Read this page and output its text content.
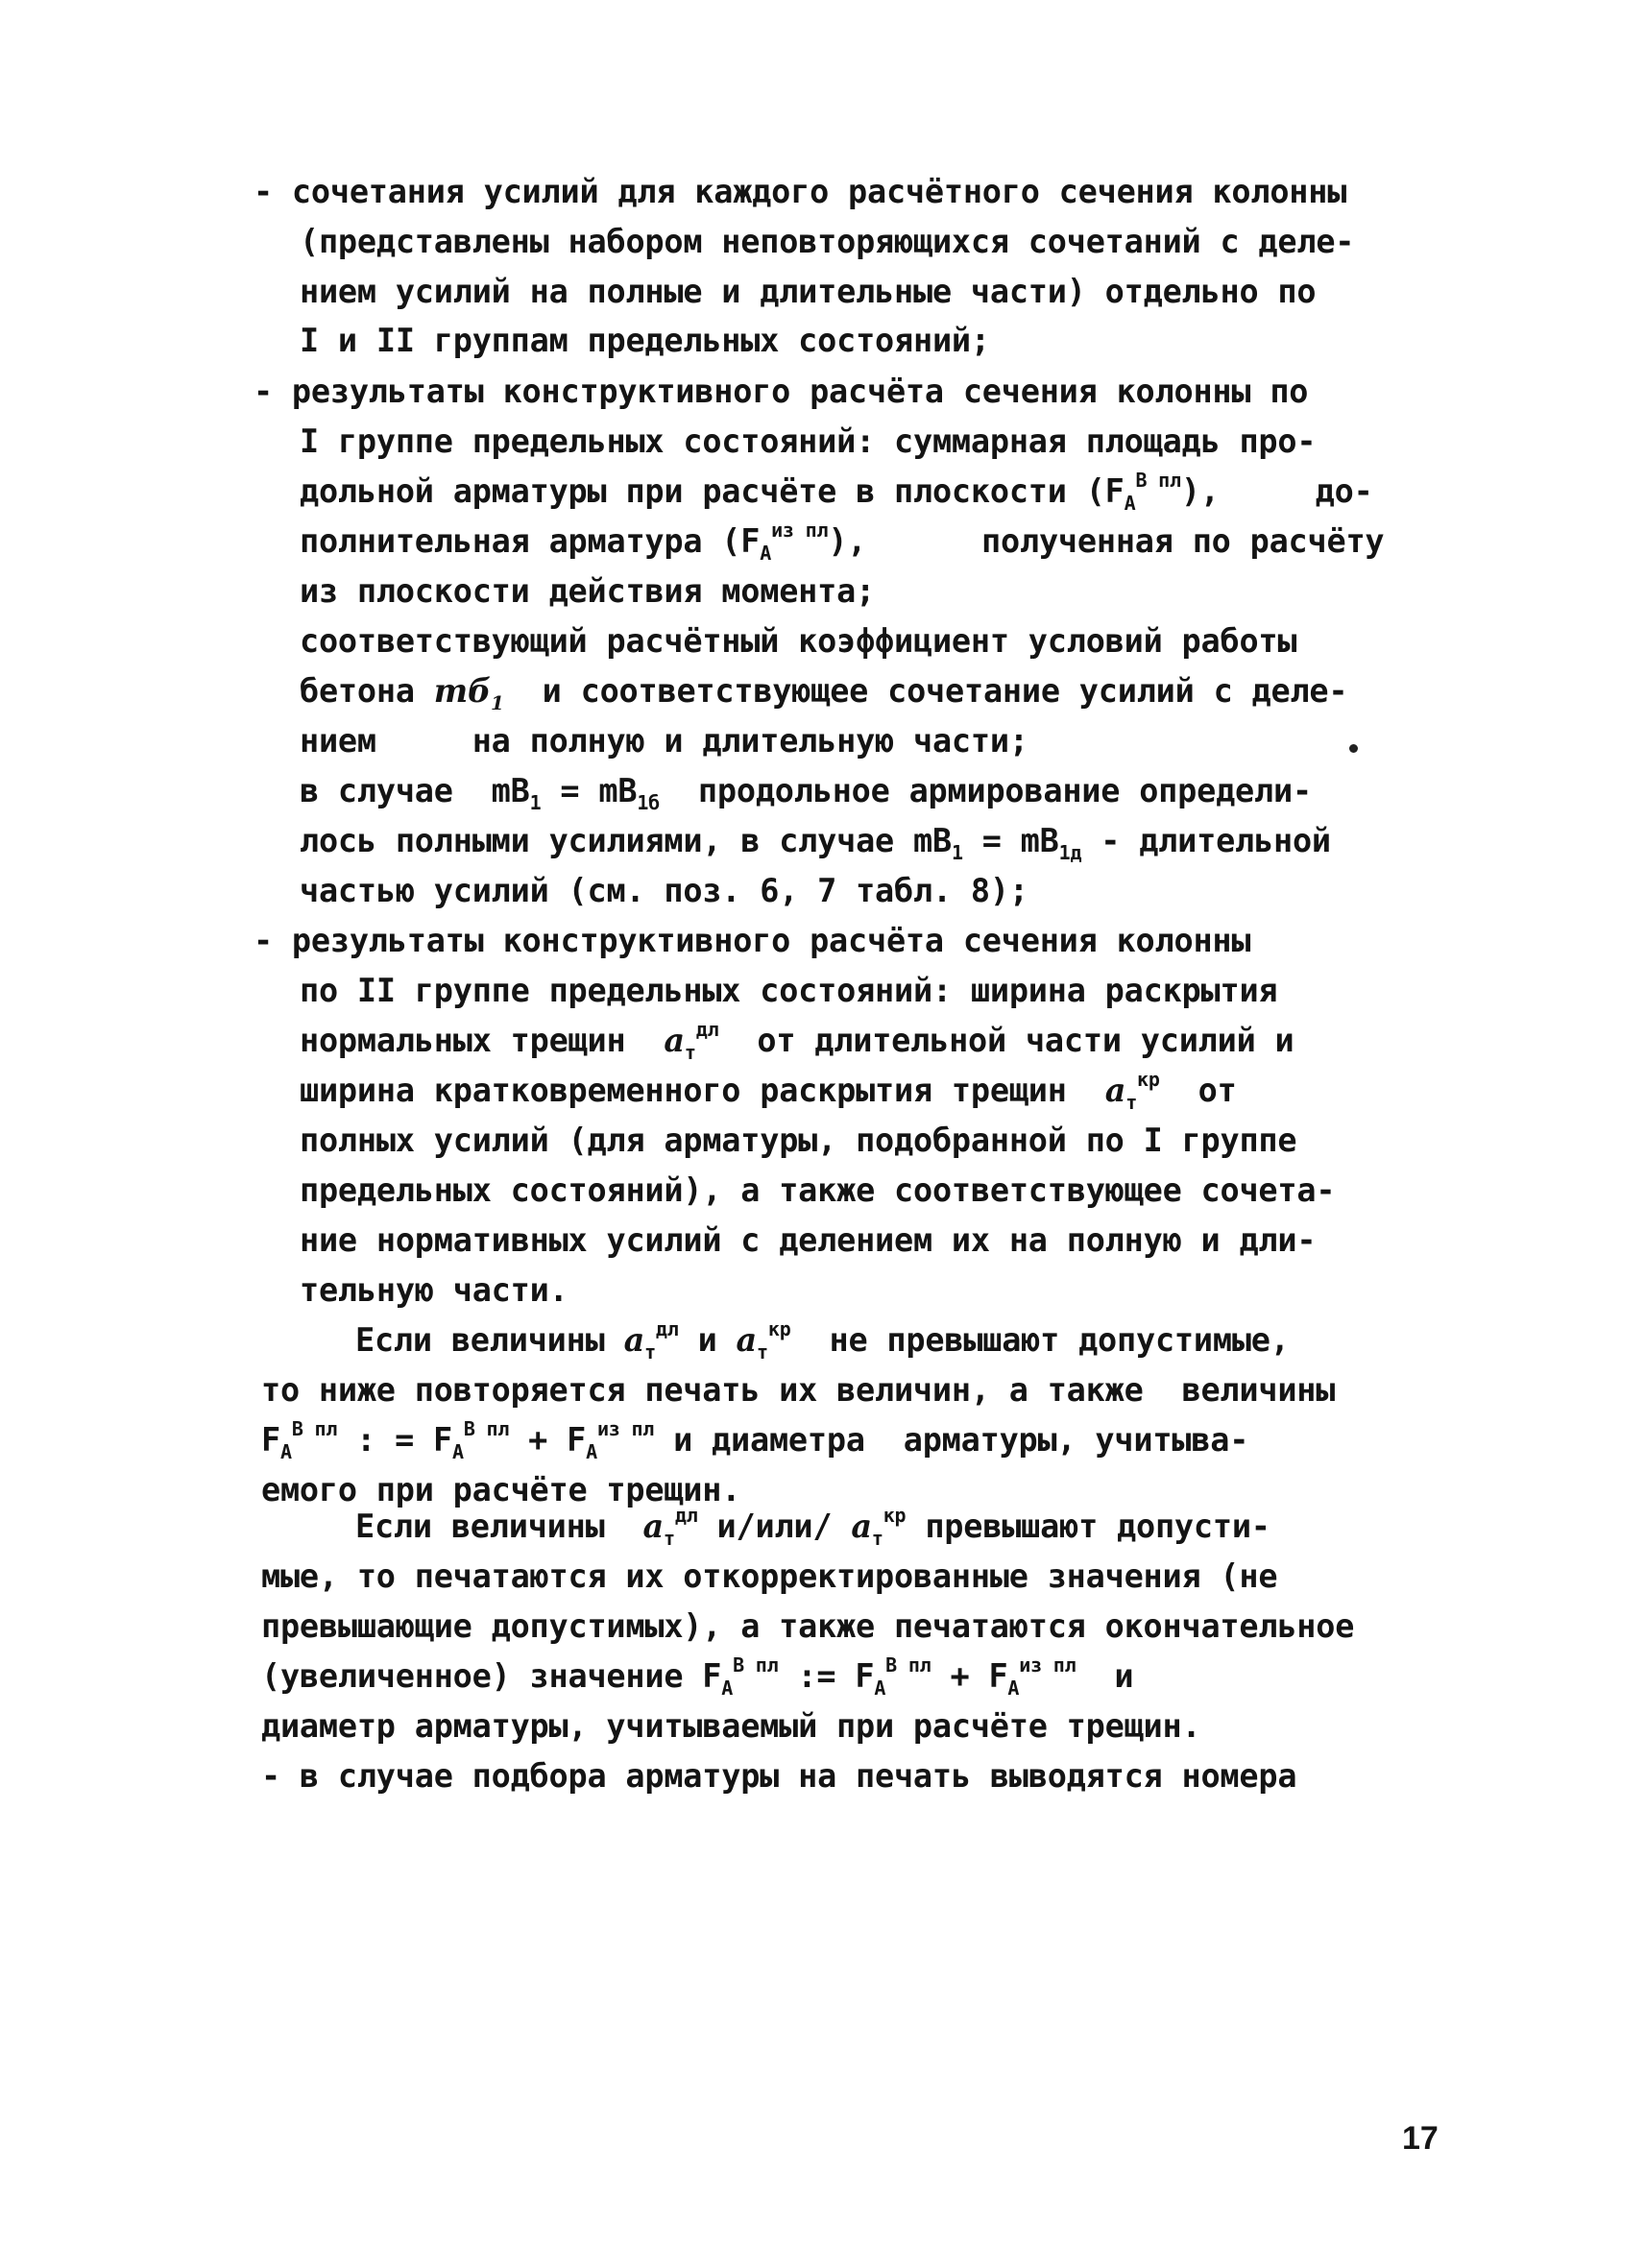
- сочетания усилий для каждого расчётного сечения колонны
(представлены набором неповторяющихся сочетаний с деле-
нием усилий на полные и длительные части) отдельно по
I и II группам предельных состояний;
- результаты конструктивного расчёта сечения колонны по
I группе предельных состояний: суммарная площадь про-
дольной арматуры при расчёте в плоскости $(F_A^{В пл})$,     до-
полнительная арматура $(F_A^{из пл})$,      полученная по расчёту
из плоскости действия момента;
соответствующий расчётный коэффициент условий работы
бетона $mб_1$  и соответствующее сочетание усилий с деле-
нием     на полную и длительную части;
в случае  $mB_1 = mB_{1б}$  продольное армирование определи-
лось полными усилиями, в случае $mB_1 = mB_{1д}$ - длительной
частью усилий (см. поз. 6, 7 табл. 8);
- результаты конструктивного расчёта сечения колонны
по II группе предельных состояний: ширина раскрытия
нормальных трещин $a_т^{дл}$  от длительной части усилий и
ширина кратковременного раскрытия трещин $a_т^{кр}$  от
полных усилий (для арматуры, подобранной по I группе
предельных состояний), а также соответствующее сочета-
ние нормативных усилий с делением их на полную и дли-
тельную части.
Если величины $a_т^{дл}$ и $a_т^{кр}$  не превышают допустимые,
то ниже повторяется печать их величин, а также  величины
$F_A^{В пл}$ : = $F_A^{В пл} + F_A^{из пл}$ и диаметра  арматуры, учитыва-
емого при расчёте трещин.
Если величины $a_т^{дл}$ и/или/ $a_т^{кр}$ превышают допусти-
мые, то печатаются их откорректированные значения (не
превышающие допустимых), а также печатаются окончательное
(увеличенное) значение $F_A^{В пл}$ := $F_A^{В пл} + F_A^{из пл}$  и
диаметр арматуры, учитываемый при расчёте трещин.
- в случае подбора арматуры на печать выводятся номера
17
